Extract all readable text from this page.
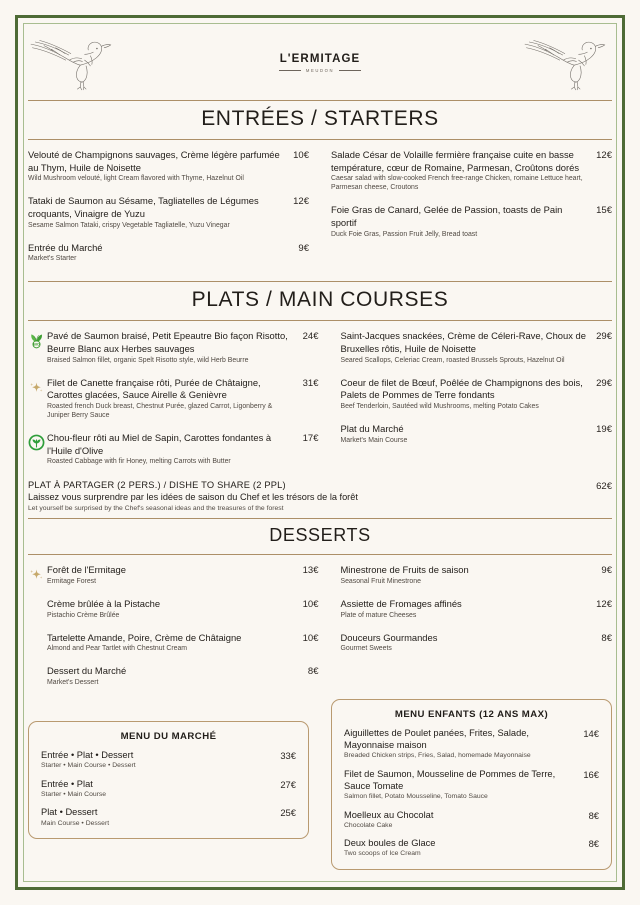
L'ERMITAGE
MEUDON
ENTRÉES / STARTERS
Velouté de Champignons sauvages, Crème légère parfumée au Thym, Huile de Noisette
Wild Mushroom velouté, light Cream flavored with Thyme, Hazelnut Oil
10€
Tataki de Saumon au Sésame, Tagliatelles de Légumes croquants, Vinaigre de Yuzu
Sesame Salmon Tataki, crispy Vegetable Tagliatelle, Yuzu Vinegar
12€
Entrée du Marché
Market's Starter
9€
Salade César de Volaille fermière française cuite en basse température, cœur de Romaine, Parmesan, Croûtons dorés
Caesar salad with slow-cooked French free-range Chicken, romaine Lettuce heart, Parmesan cheese, Croutons
12€
Foie Gras de Canard, Gelée de Passion, toasts de Pain sportif
Duck Foie Gras, Passion Fruit Jelly, Bread toast
15€
PLATS / MAIN COURSES
BIO
Pavé de Saumon braisé, Petit Epeautre Bio façon Risotto, Beurre Blanc aux Herbes sauvages
Braised Salmon fillet, organic Spelt Risotto style, wild Herb Beurre
24€
Filet de Canette française rôti, Purée de Châtaigne, Carottes glacées, Sauce Airelle & Genièvre
Roasted french Duck breast, Chestnut Purée, glazed Carrot, Ligonberry & Juniper Berry Sauce
31€
Chou-fleur rôti au Miel de Sapin, Carottes fondantes à l'Huile d'Olive
Roasted Cabbage with fir Honey, melting Carrots with Butter
17€
Saint-Jacques snackées, Crème de Céleri-Rave, Choux de Bruxelles rôtis, Huile de Noisette
Seared Scallops, Celeriac Cream, roasted Brussels Sprouts, Hazelnut Oil
29€
Coeur de filet de Bœuf, Poêlée de Champignons des bois, Palets de Pommes de Terre fondants
Beef Tenderloin, Sautéed wild Mushrooms, melting Potato Cakes
29€
Plat du Marché
Market's Main Course
19€
PLAT À PARTAGER (2 PERS.) / DISHE TO SHARE (2 PPL)
Laissez vous surprendre par les idées de saison du Chef et les trésors de la forêt
Let yourself be surprised by the Chef's seasonal ideas and the treasures of the forest
62€
DESSERTS
Forêt de l'Ermitage
Ermitage Forest
13€
Crème brûlée à la Pistache
Pistachio Crème Brûlée
10€
Tartelette Amande, Poire, Crème de Châtaigne
Almond and Pear Tartlet with Chestnut Cream
10€
Dessert du Marché
Market's Dessert
8€
Minestrone de Fruits de saison
Seasonal Fruit Minestrone
9€
Assiette de Fromages affinés
Plate of mature Cheeses
12€
Douceurs Gourmandes
Gourmet Sweets
8€
MENU DU MARCHÉ
Entrée • Plat • Dessert
Starter • Main Course • Dessert
33€
Entrée • Plat
Starter • Main Course
27€
Plat • Dessert
Main Course • Dessert
25€
MENU ENFANTS (12 ANS MAX)
Aiguillettes de Poulet panées, Frites, Salade, Mayonnaise maison
Breaded Chicken strips, Fries, Salad, homemade Mayonnaise
14€
Filet de Saumon, Mousseline de Pommes de Terre, Sauce Tomate
Salmon fillet, Potato Mousseline, Tomato Sauce
16€
Moelleux au Chocolat
Chocolate Cake
8€
Deux boules de Glace
Two scoops of Ice Cream
8€
